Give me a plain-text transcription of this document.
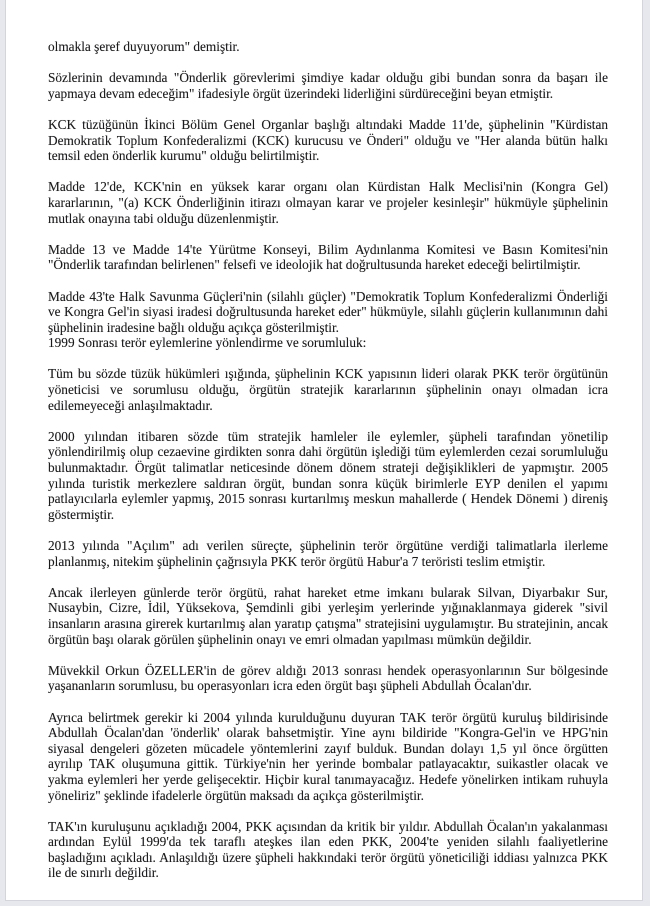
olmakla şeref duyuyorum" demiştir.

Sözlerinin devamında "Önderlik görevlerimi şimdiye kadar olduğu gibi bundan sonra da başarı ile yapmaya devam edeceğim" ifadesiyle örgüt üzerindeki liderliğini sürdüreceğini beyan etmiştir.

KCK tüzüğünün İkinci Bölüm Genel Organlar başlığı altındaki Madde 11'de, şüphelinin "Kürdistan Demokratik Toplum Konfederalizmi (KCK) kurucusu ve Önderi" olduğu ve "Her alanda bütün halkı temsil eden önderlik kurumu" olduğu belirtilmiştir.

Madde 12'de, KCK'nin en yüksek karar organı olan Kürdistan Halk Meclisi'nin (Kongra Gel) kararlarının, "(a) KCK Önderliğinin itirazı olmayan karar ve projeler kesinleşir" hükmüyle şüphelinin mutlak onayına tabi olduğu düzenlenmiştir.

Madde 13 ve Madde 14'te Yürütme Konseyi, Bilim Aydınlanma Komitesi ve Basın Komitesi'nin "Önderlik tarafından belirlenen" felsefi ve ideolojik hat doğrultusunda hareket edeceği belirtilmiştir.

Madde 43'te Halk Savunma Güçleri'nin (silahlı güçler) "Demokratik Toplum Konfederalizmi Önderliği ve Kongra Gel'in siyasi iradesi doğrultusunda hareket eder" hükmüyle, silahlı güçlerin kullanımının dahi şüphelinin iradesine bağlı olduğu açıkça gösterilmiştir.

1999 Sonrası terör eylemlerine yönlendirme ve sorumluluk:

Tüm bu sözde tüzük hükümleri ışığında, şüphelinin KCK yapısının lideri olarak PKK terör örgütünün yöneticisi ve sorumlusu olduğu, örgütün stratejik kararlarının şüphelinin onayı olmadan icra edilemeyeceği anlaşılmaktadır.

2000 yılından itibaren sözde tüm stratejik hamleler ile eylemler, şüpheli tarafından yönetilip yönlendirilmiş olup cezaevine girdikten sonra dahi örgütün işlediği tüm eylemlerden cezai sorumluluğu bulunmaktadır. Örgüt talimatlar neticesinde dönem dönem strateji değişiklikleri de yapmıştır. 2005 yılında turistik merkezlere saldıran örgüt, bundan sonra küçük birimlerle EYP denilen el yapımı patlayıcılarla eylemler yapmış, 2015 sonrası kurtarılmış meskun mahallerde ( Hendek Dönemi ) direniş göstermiştir.

2013 yılında "Açılım" adı verilen süreçte, şüphelinin terör örgütüne verdiği talimatlarla ilerleme planlanmış, nitekim şüphelinin çağrısıyla PKK terör örgütü Habur'a 7 teröristi teslim etmiştir.

Ancak ilerleyen günlerde terör örgütü, rahat hareket etme imkanı bularak Silvan, Diyarbakır Sur, Nusaybin, Cizre, İdil, Yüksekova, Şemdinli gibi yerleşim yerlerinde yığınaklanmaya giderek "sivil insanların arasına girerek kurtarılmış alan yaratıp çatışma" stratejisini uygulamıştır. Bu stratejinin, ancak örgütün başı olarak görülen şüphelinin onayı ve emri olmadan yapılması mümkün değildir.

Müvekkil Orkun ÖZELLER'in de görev aldığı 2013 sonrası hendek operasyonlarının Sur bölgesinde yaşananların sorumlusu, bu operasyonları icra eden örgüt başı şüpheli Abdullah Öcalan'dır.

Ayrıca belirtmek gerekir ki 2004 yılında kurulduğunu duyuran TAK terör örgütü kuruluş bildirisinde Abdullah Öcalan'dan 'önderlik' olarak bahsetmiştir. Yine aynı bildiride "Kongra-Gel'in ve HPG'nin siyasal dengeleri gözeten mücadele yöntemlerini zayıf bulduk. Bundan dolayı 1,5 yıl önce örgütten ayrılıp TAK oluşumuna gittik. Türkiye'nin her yerinde bombalar patlayacaktır, suikastler olacak ve yakma eylemleri her yerde gelişecektir. Hiçbir kural tanımayacağız. Hedefe yönelirken intikam ruhuyla yöneliriz" şeklinde ifadelerle örgütün maksadı da açıkça gösterilmiştir.

TAK'ın kuruluşunu açıkladığı 2004, PKK açısından da kritik bir yıldır. Abdullah Öcalan'ın yakalanması ardından Eylül 1999'da tek taraflı ateşkes ilan eden PKK, 2004'te yeniden silahlı faaliyetlerine başladığını açıkladı. Anlaşıldığı üzere şüpheli hakkındaki terör örgütü yöneticiliği iddiası yalnızca PKK ile de sınırlı değildir.
